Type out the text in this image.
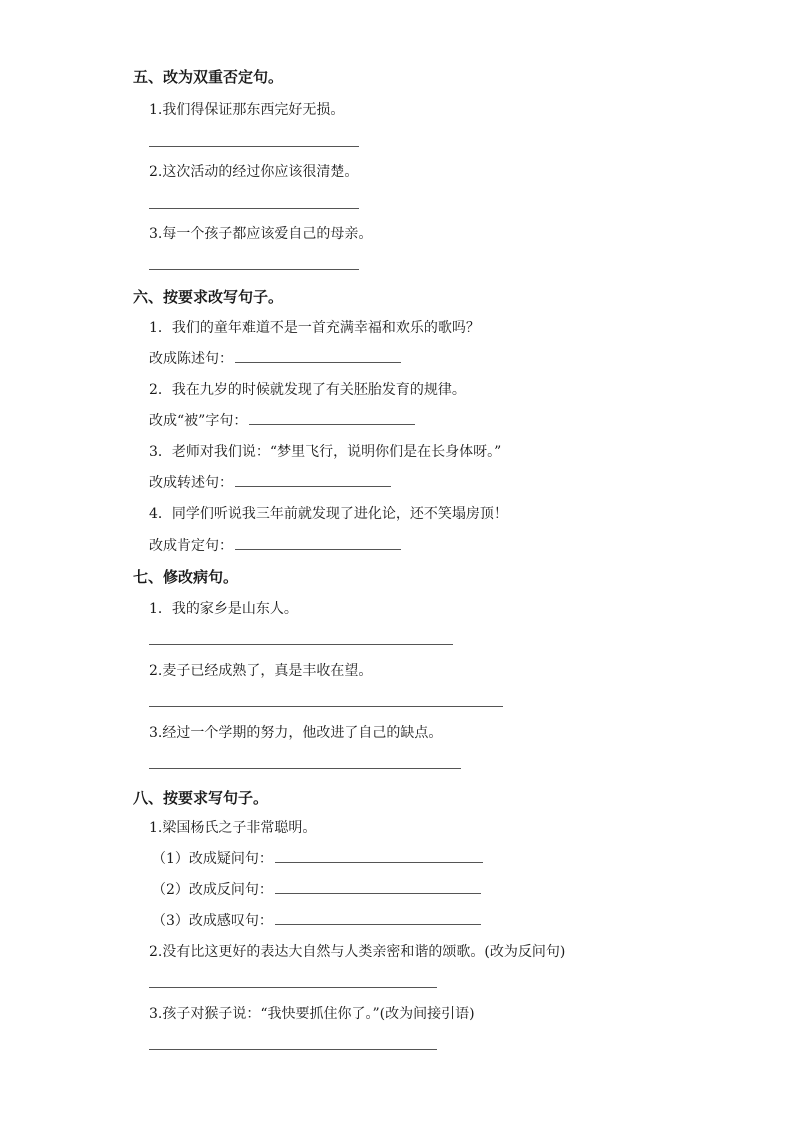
五、改为双重否定句。
1.我们得保证那东西完好无损。
2.这次活动的经过你应该很清楚。
3.每一个孩子都应该爱自己的母亲。
六、按要求改写句子。
1．我们的童年难道不是一首充满幸福和欢乐的歌吗？
改成陈述句：
2．我在九岁的时候就发现了有关胚胎发育的规律。
改成“被”字句：
3．老师对我们说：“梦里飞行，说明你们是在长身体呀。”
改成转述句：
4．同学们听说我三年前就发现了进化论，还不笑塌房顶！
改成肯定句：
七、修改病句。
1．我的家乡是山东人。
2.麦子已经成熟了，真是丰收在望。
3.经过一个学期的努力，他改进了自己的缺点。
八、按要求写句子。
1.梁国杨氏之子非常聪明。
（1）改成疑问句：
（2）改成反问句：
（3）改成感叹句：
2.没有比这更好的表达大自然与人类亲密和谐的颂歌。(改为反问句)
3.孩子对猴子说：“我快要抓住你了。”(改为间接引语)
